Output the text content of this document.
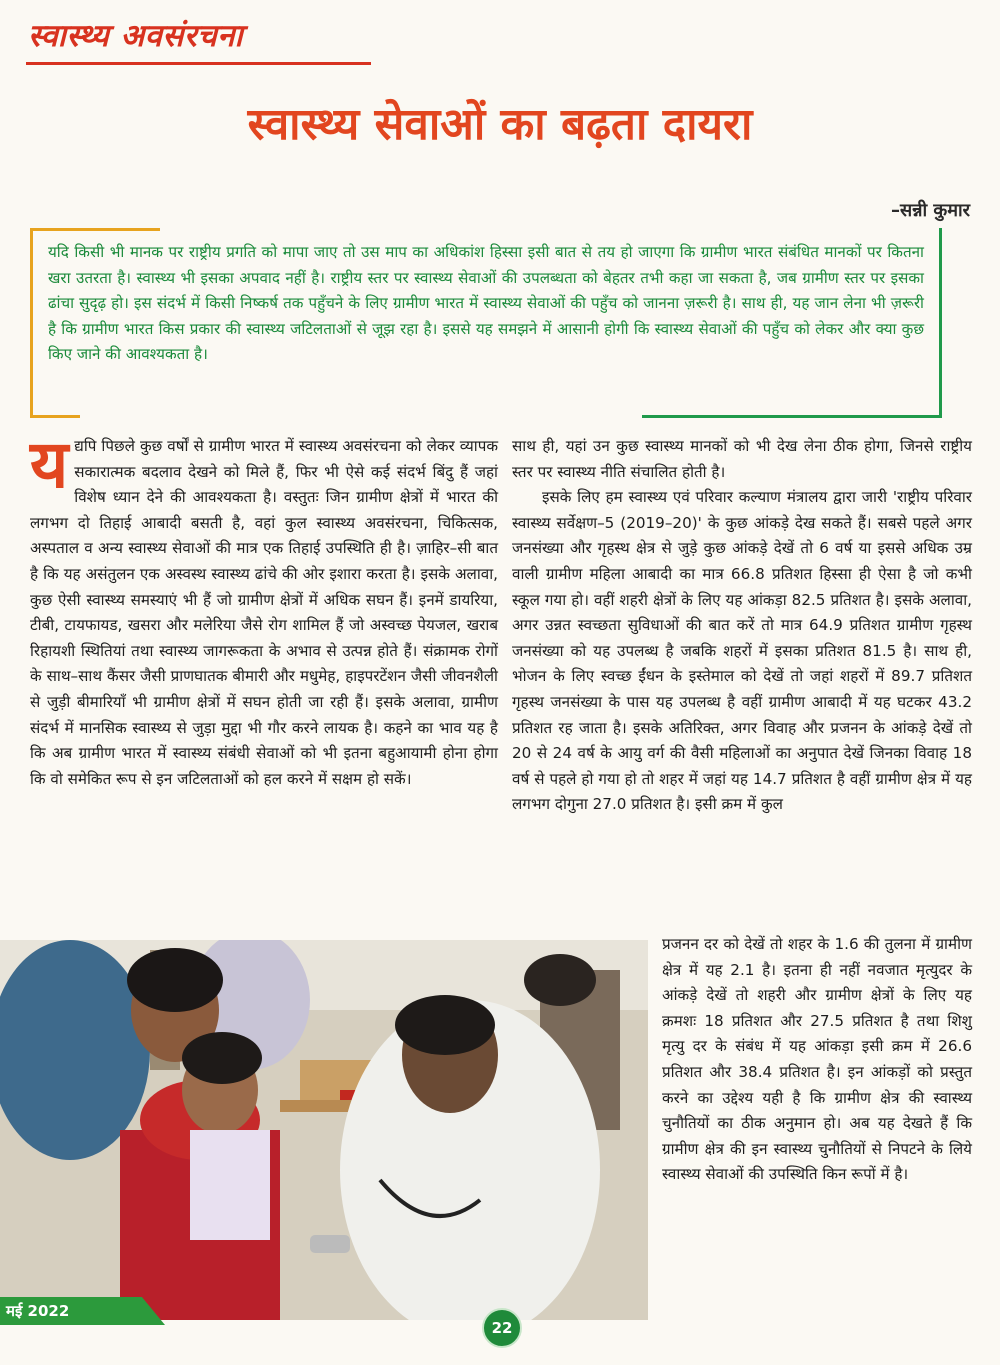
स्वास्थ्य अवसंरचना
स्वास्थ्य सेवाओं का बढ़ता दायरा
–सन्नी कुमार
यदि किसी भी मानक पर राष्ट्रीय प्रगति को मापा जाए तो उस माप का अधिकांश हिस्सा इसी बात से तय हो जाएगा कि ग्रामीण भारत संबंधित मानकों पर कितना खरा उतरता है। स्वास्थ्य भी इसका अपवाद नहीं है। राष्ट्रीय स्तर पर स्वास्थ्य सेवाओं की उपलब्धता को बेहतर तभी कहा जा सकता है, जब ग्रामीण स्तर पर इसका ढांचा सुदृढ़ हो। इस संदर्भ में किसी निष्कर्ष तक पहुँचने के लिए ग्रामीण भारत में स्वास्थ्य सेवाओं की पहुँच को जानना ज़रूरी है। साथ ही, यह जान लेना भी ज़रूरी है कि ग्रामीण भारत किस प्रकार की स्वास्थ्य जटिलताओं से जूझ रहा है। इससे यह समझने में आसानी होगी कि स्वास्थ्य सेवाओं की पहुँच को लेकर और क्या कुछ किए जाने की आवश्यकता है।

यद्यपि पिछले कुछ वर्षों से ग्रामीण भारत में स्वास्थ्य अवसंरचना को लेकर व्यापक सकारात्मक बदलाव देखने को मिले हैं, फिर भी ऐसे कई संदर्भ बिंदु हैं जहां विशेष ध्यान देने की आवश्यकता है। वस्तुतः जिन ग्रामीण क्षेत्रों में भारत की लगभग दो तिहाई आबादी बसती है, वहां कुल स्वास्थ्य अवसंरचना, चिकित्सक, अस्पताल व अन्य स्वास्थ्य सेवाओं की मात्र एक तिहाई उपस्थिति ही है। ज़ाहिर–सी बात है कि यह असंतुलन एक अस्वस्थ स्वास्थ्य ढांचे की ओर इशारा करता है। इसके अलावा, कुछ ऐसी स्वास्थ्य समस्याएं भी हैं जो ग्रामीण क्षेत्रों में अधिक सघन हैं। इनमें डायरिया, टीबी, टायफायड, खसरा और मलेरिया जैसे रोग शामिल हैं जो अस्वच्छ पेयजल, खराब रिहायशी स्थितियां तथा स्वास्थ्य जागरूकता के अभाव से उत्पन्न होते हैं। संक्रामक रोगों के साथ–साथ कैंसर जैसी प्राणघातक बीमारी और मधुमेह, हाइपरटेंशन जैसी जीवनशैली से जुड़ी बीमारियाँ भी ग्रामीण क्षेत्रों में सघन होती जा रही हैं। इसके अलावा, ग्रामीण संदर्भ में मानसिक स्वास्थ्य से जुड़ा मुद्दा भी गौर करने लायक है। कहने का भाव यह है कि अब ग्रामीण भारत में स्वास्थ्य संबंधी सेवाओं को भी इतना बहुआयामी होना होगा कि वो समेकित रूप से इन जटिलताओं को हल करने में सक्षम हो सकें।

साथ ही, यहां उन कुछ स्वास्थ्य मानकों को भी देख लेना ठीक होगा, जिनसे राष्ट्रीय स्तर पर स्वास्थ्य नीति संचालित होती है।

इसके लिए हम स्वास्थ्य एवं परिवार कल्याण मंत्रालय द्वारा जारी 'राष्ट्रीय परिवार स्वास्थ्य सर्वेक्षण–5 (2019–20)' के कुछ आंकड़े देख सकते हैं। सबसे पहले अगर जनसंख्या और गृहस्थ क्षेत्र से जुड़े कुछ आंकड़े देखें तो 6 वर्ष या इससे अधिक उम्र वाली ग्रामीण महिला आबादी का मात्र 66.8 प्रतिशत हिस्सा ही ऐसा है जो कभी स्कूल गया हो। वहीं शहरी क्षेत्रों के लिए यह आंकड़ा 82.5 प्रतिशत है। इसके अलावा, अगर उन्नत स्वच्छता सुविधाओं की बात करें तो मात्र 64.9 प्रतिशत ग्रामीण गृहस्थ जनसंख्या को यह उपलब्ध है जबकि शहरों में इसका प्रतिशत 81.5 है। साथ ही, भोजन के लिए स्वच्छ ईंधन के इस्तेमाल को देखें तो जहां शहरों में 89.7 प्रतिशत गृहस्थ जनसंख्या के पास यह उपलब्ध है वहीं ग्रामीण आबादी में यह घटकर 43.2 प्रतिशत रह जाता है। इसके अतिरिक्त, अगर विवाह और प्रजनन के आंकड़े देखें तो 20 से 24 वर्ष के आयु वर्ग की वैसी महिलाओं का अनुपात देखें जिनका विवाह 18 वर्ष से पहले हो गया हो तो शहर में जहां यह 14.7 प्रतिशत है वहीं ग्रामीण क्षेत्र में यह लगभग दोगुना 27.0 प्रतिशत है। इसी क्रम में कुल

प्रजनन दर को देखें तो शहर के 1.6 की तुलना में ग्रामीण क्षेत्र में यह 2.1 है। इतना ही नहीं नवजात मृत्युदर के आंकड़े देखें तो शहरी और ग्रामीण क्षेत्रों के लिए यह क्रमशः 18 प्रतिशत और 27.5 प्रतिशत है तथा शिशु मृत्यु दर के संबंध में यह आंकड़ा इसी क्रम में 26.6 प्रतिशत और 38.4 प्रतिशत है। इन आंकड़ों को प्रस्तुत करने का उद्देश्य यही है कि ग्रामीण क्षेत्र की स्वास्थ्य चुनौतियों का ठीक अनुमान हो। अब यह देखते हैं कि ग्रामीण क्षेत्र की इन स्वास्थ्य चुनौतियों से निपटने के लिये स्वास्थ्य सेवाओं की उपस्थिति किन रूपों में है।

मई 2022
22
